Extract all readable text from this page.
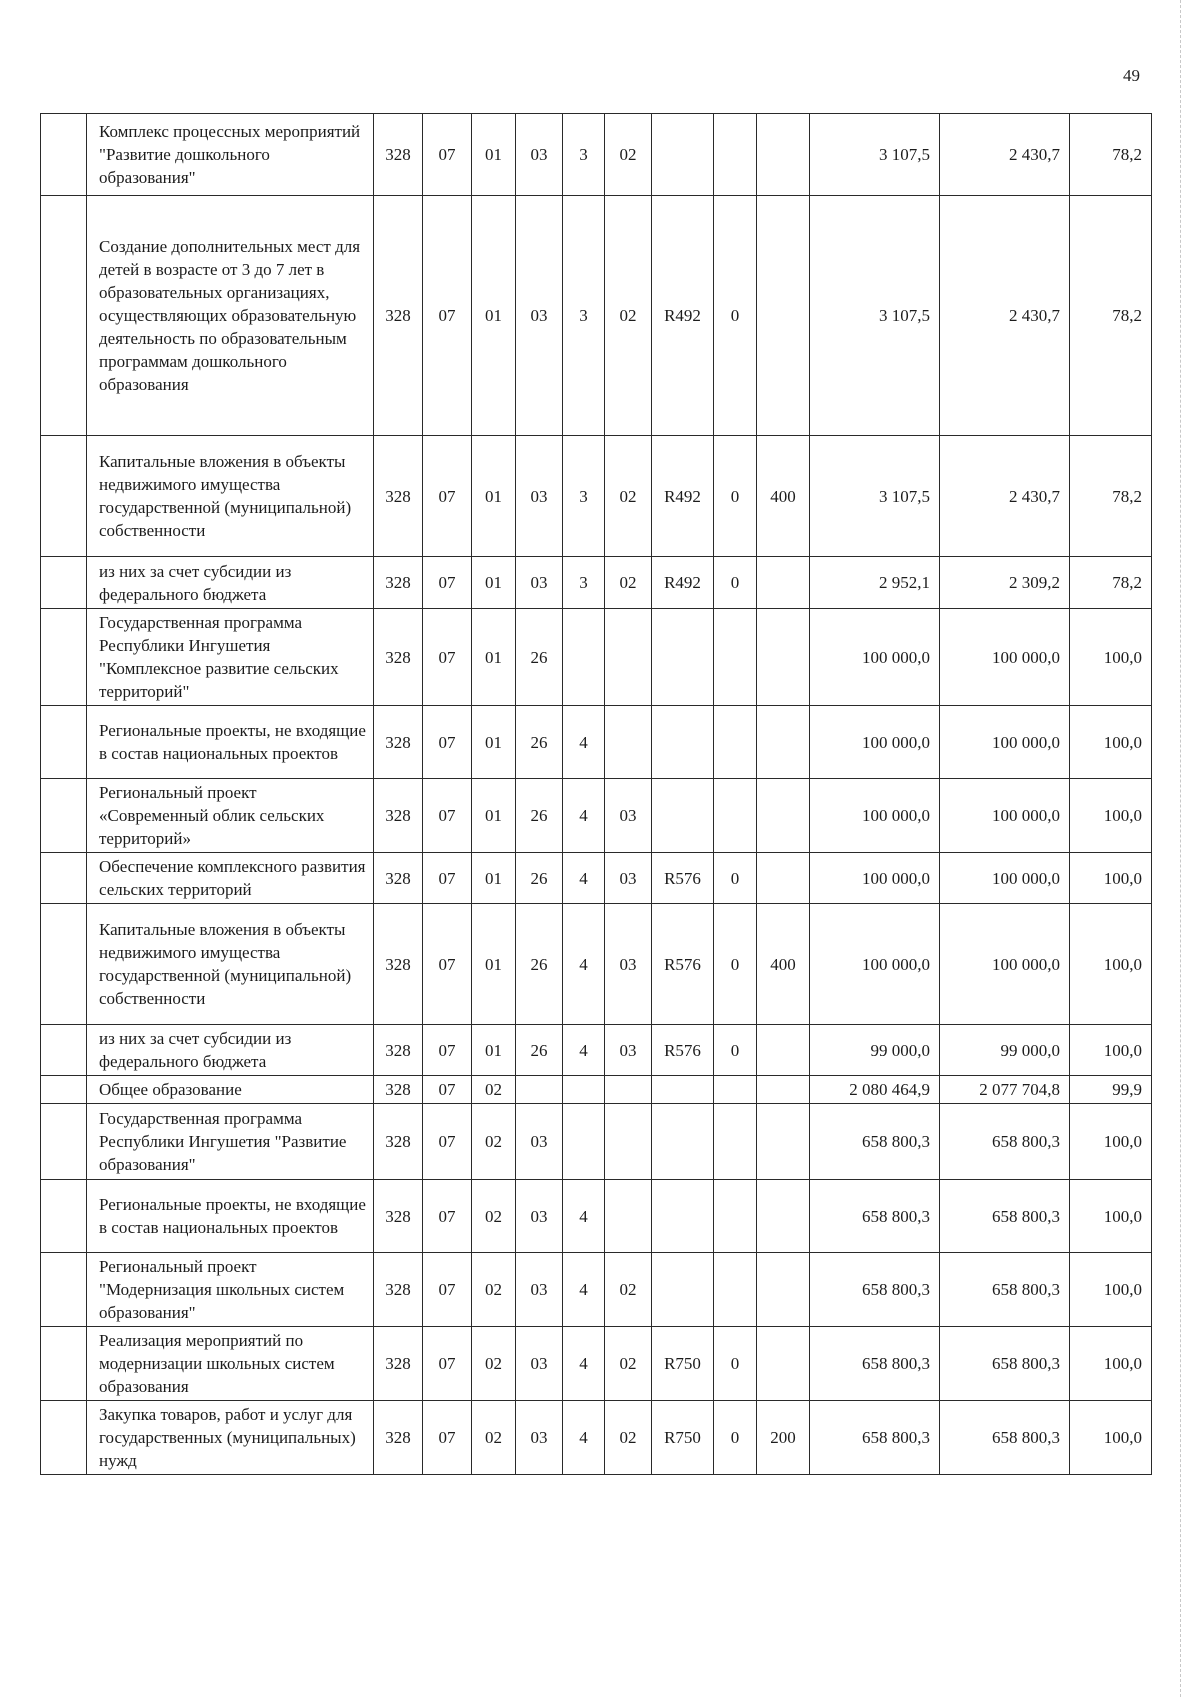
49
	Комплекс процессных мероприятий "Развитие дошкольного образования"	328	07	01	03	3	02				3 107,5	2 430,7	78,2
	Создание дополнительных мест для детей в возрасте от 3 до 7 лет в образовательных организациях, осуществляющих образовательную деятельность по образовательным программам дошкольного образования	328	07	01	03	3	02	R492	0		3 107,5	2 430,7	78,2
	Капитальные вложения в объекты недвижимого имущества государственной (муниципальной) собственности	328	07	01	03	3	02	R492	0	400	3 107,5	2 430,7	78,2
	из них за счет субсидии из федерального бюджета	328	07	01	03	3	02	R492	0		2 952,1	2 309,2	78,2
	Государственная программа Республики Ингушетия "Комплексное развитие сельских территорий"	328	07	01	26						100 000,0	100 000,0	100,0
	Региональные проекты, не входящие в состав национальных проектов	328	07	01	26	4					100 000,0	100 000,0	100,0
	Региональный проект «Современный облик сельских территорий»	328	07	01	26	4	03				100 000,0	100 000,0	100,0
	Обеспечение комплексного развития сельских территорий	328	07	01	26	4	03	R576	0		100 000,0	100 000,0	100,0
	Капитальные вложения в объекты недвижимого имущества государственной (муниципальной) собственности	328	07	01	26	4	03	R576	0	400	100 000,0	100 000,0	100,0
	из них за счет субсидии из федерального бюджета	328	07	01	26	4	03	R576	0		99 000,0	99 000,0	100,0
	Общее образование	328	07	02							2 080 464,9	2 077 704,8	99,9
	Государственная программа Республики Ингушетия "Развитие образования"	328	07	02	03						658 800,3	658 800,3	100,0
	Региональные проекты, не входящие в состав национальных проектов	328	07	02	03	4					658 800,3	658 800,3	100,0
	Региональный проект "Модернизация школьных систем образования"	328	07	02	03	4	02				658 800,3	658 800,3	100,0
	Реализация мероприятий по модернизации школьных систем образования	328	07	02	03	4	02	R750	0		658 800,3	658 800,3	100,0
	Закупка товаров, работ и услуг для государственных (муниципальных) нужд	328	07	02	03	4	02	R750	0	200	658 800,3	658 800,3	100,0
